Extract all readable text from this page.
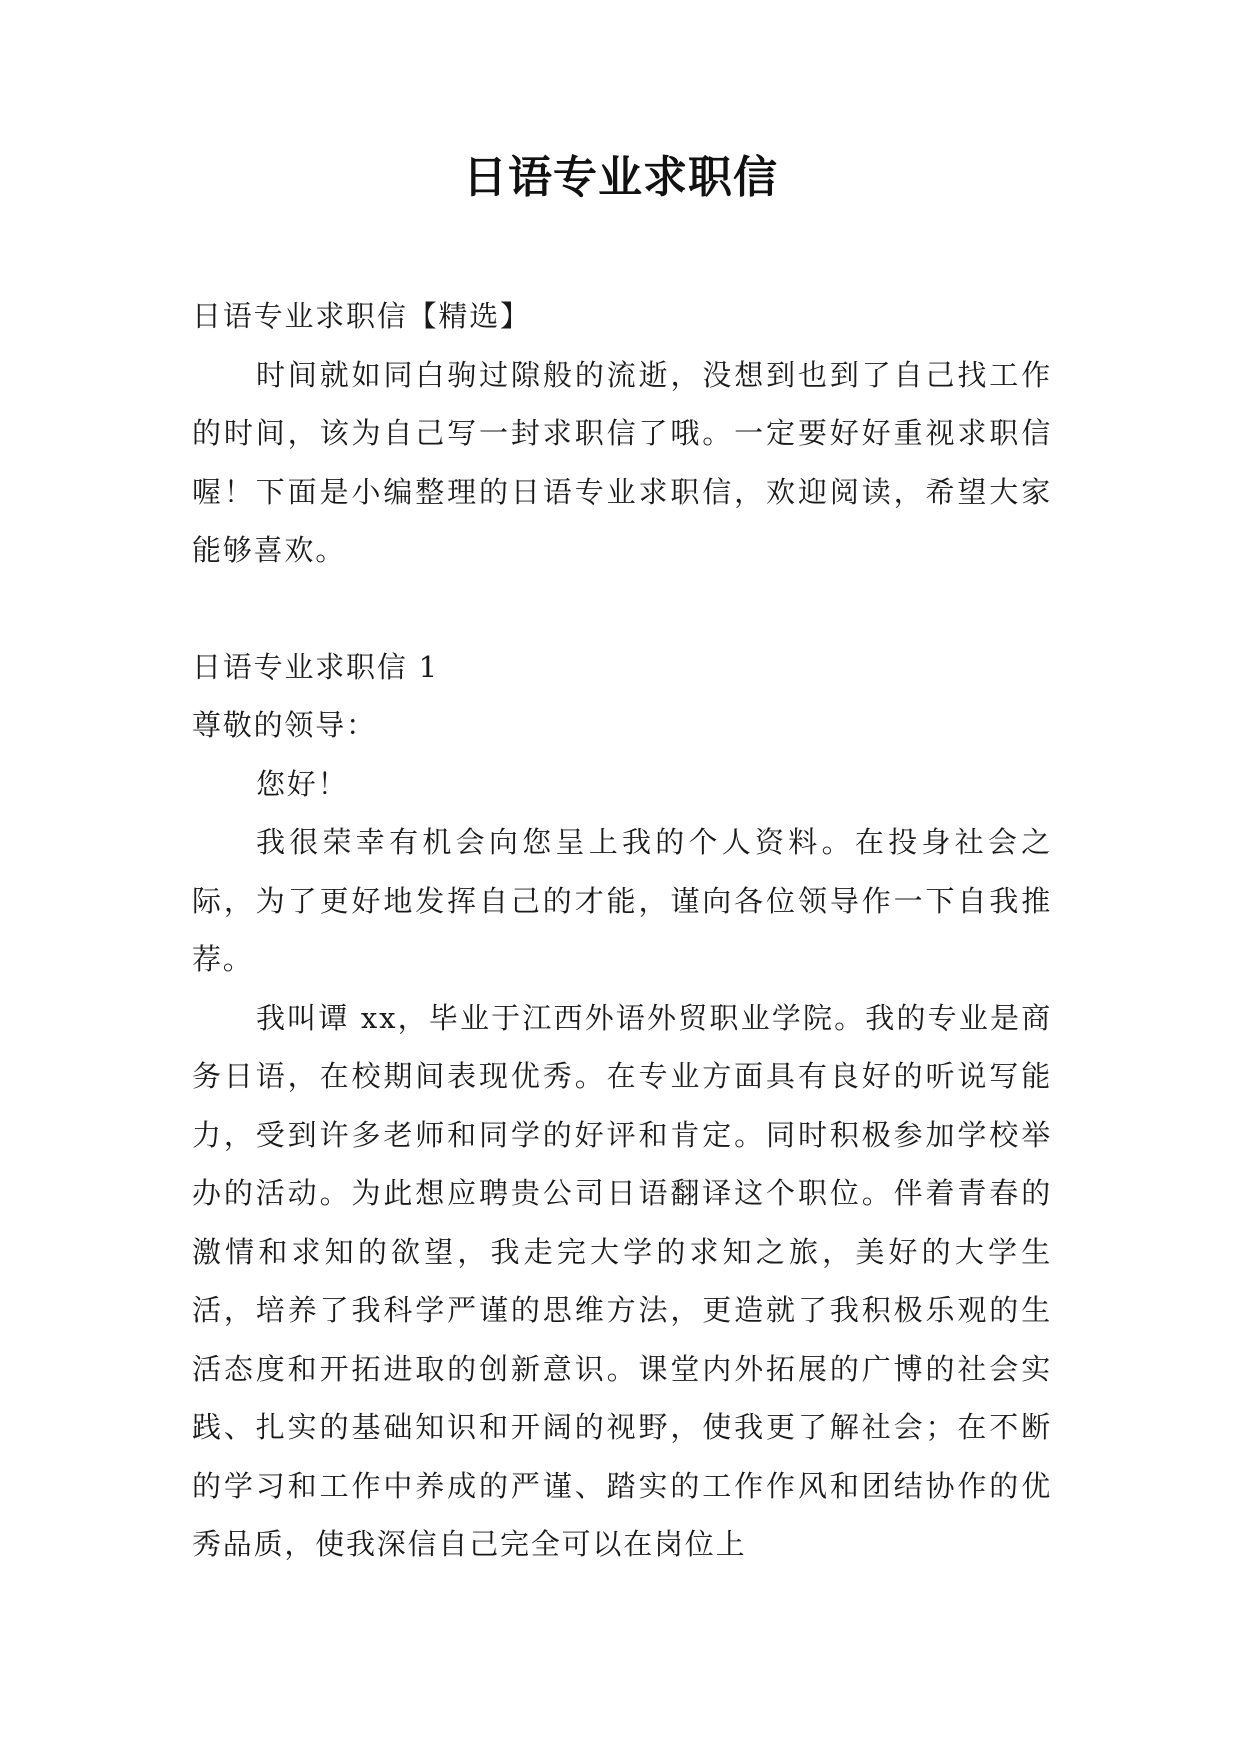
日语专业求职信

日语专业求职信【精选】

时间就如同白驹过隙般的流逝，没想到也到了自己找工作的时间，该为自己写一封求职信了哦。一定要好好重视求职信喔！下面是小编整理的日语专业求职信，欢迎阅读，希望大家能够喜欢。

日语专业求职信 1

尊敬的领导：

您好！

我很荣幸有机会向您呈上我的个人资料。在投身社会之际，为了更好地发挥自己的才能，谨向各位领导作一下自我推荐。

我叫谭 xx，毕业于江西外语外贸职业学院。我的专业是商务日语，在校期间表现优秀。在专业方面具有良好的听说写能力，受到许多老师和同学的好评和肯定。同时积极参加学校举办的活动。为此想应聘贵公司日语翻译这个职位。伴着青春的激情和求知的欲望，我走完大学的求知之旅，美好的大学生活，培养了我科学严谨的思维方法，更造就了我积极乐观的生活态度和开拓进取的创新意识。课堂内外拓展的广博的社会实践、扎实的基础知识和开阔的视野，使我更了解社会；在不断的学习和工作中养成的严谨、踏实的工作作风和团结协作的优秀品质，使我深信自己完全可以在岗位上
